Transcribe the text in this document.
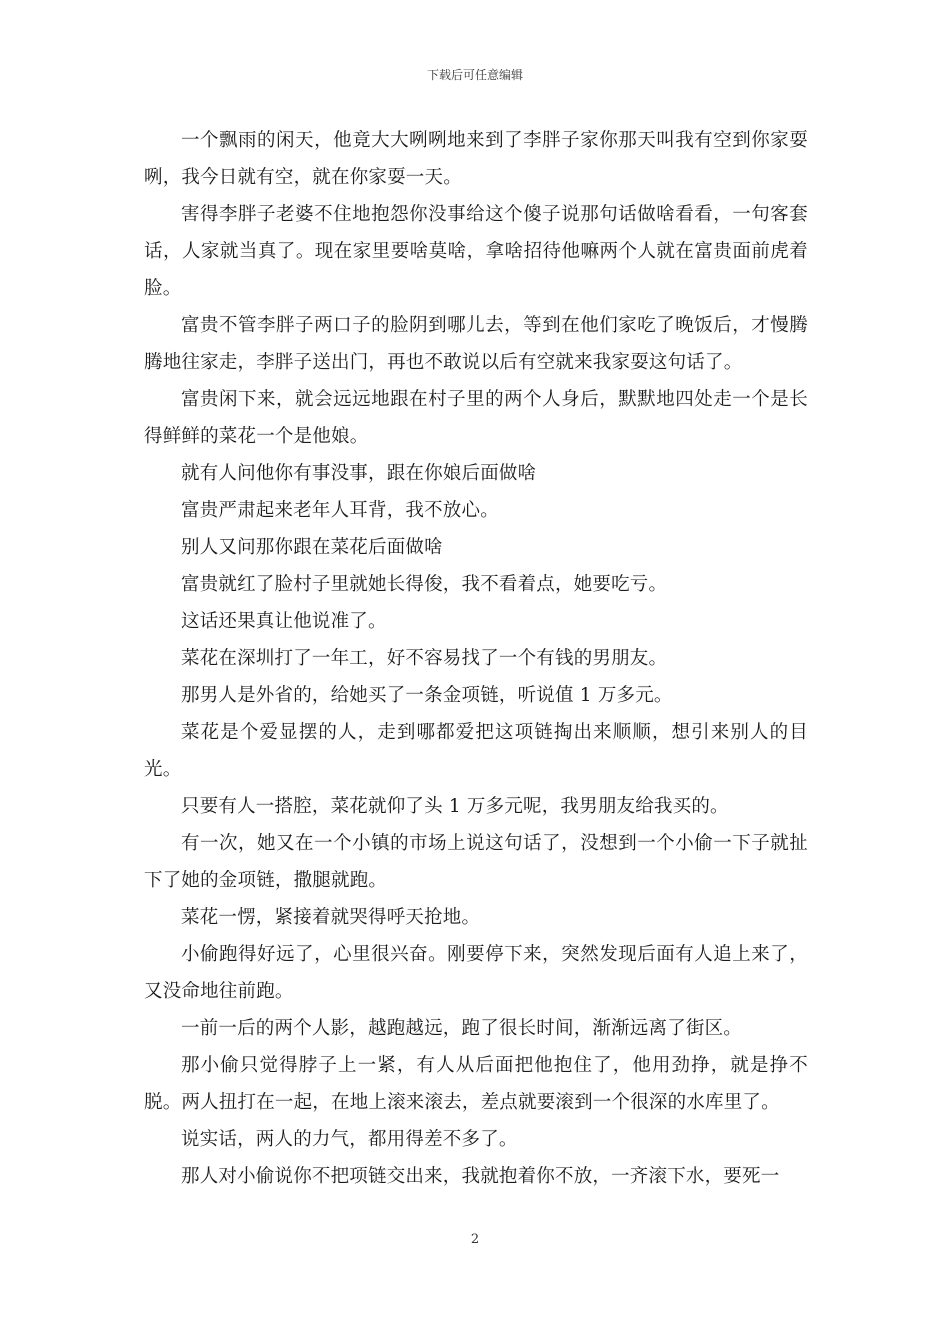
下载后可任意编辑

一个飘雨的闲天，他竟大大咧咧地来到了李胖子家你那天叫我有空到你家耍咧，我今日就有空，就在你家耍一天。

害得李胖子老婆不住地抱怨你没事给这个傻子说那句话做啥看看，一句客套话，人家就当真了。现在家里要啥莫啥，拿啥招待他嘛两个人就在富贵面前虎着脸。

富贵不管李胖子两口子的脸阴到哪儿去，等到在他们家吃了晚饭后，才慢腾腾地往家走，李胖子送出门，再也不敢说以后有空就来我家耍这句话了。

富贵闲下来，就会远远地跟在村子里的两个人身后，默默地四处走一个是长得鲜鲜的菜花一个是他娘。

就有人问他你有事没事，跟在你娘后面做啥

富贵严肃起来老年人耳背，我不放心。

别人又问那你跟在菜花后面做啥

富贵就红了脸村子里就她长得俊，我不看着点，她要吃亏。

这话还果真让他说准了。

菜花在深圳打了一年工，好不容易找了一个有钱的男朋友。

那男人是外省的，给她买了一条金项链，听说值 1 万多元。

菜花是个爱显摆的人，走到哪都爱把这项链掏出来顺顺，想引来别人的目光。

只要有人一搭腔，菜花就仰了头 1 万多元呢，我男朋友给我买的。

有一次，她又在一个小镇的市场上说这句话了，没想到一个小偷一下子就扯下了她的金项链，撒腿就跑。

菜花一愣，紧接着就哭得呼天抢地。

小偷跑得好远了，心里很兴奋。刚要停下来，突然发现后面有人追上来了，又没命地往前跑。

一前一后的两个人影，越跑越远，跑了很长时间，渐渐远离了街区。

那小偷只觉得脖子上一紧，有人从后面把他抱住了，他用劲挣，就是挣不脱。两人扭打在一起，在地上滚来滚去，差点就要滚到一个很深的水库里了。

说实话，两人的力气，都用得差不多了。

那人对小偷说你不把项链交出来，我就抱着你不放，一齐滚下水，要死一

2
